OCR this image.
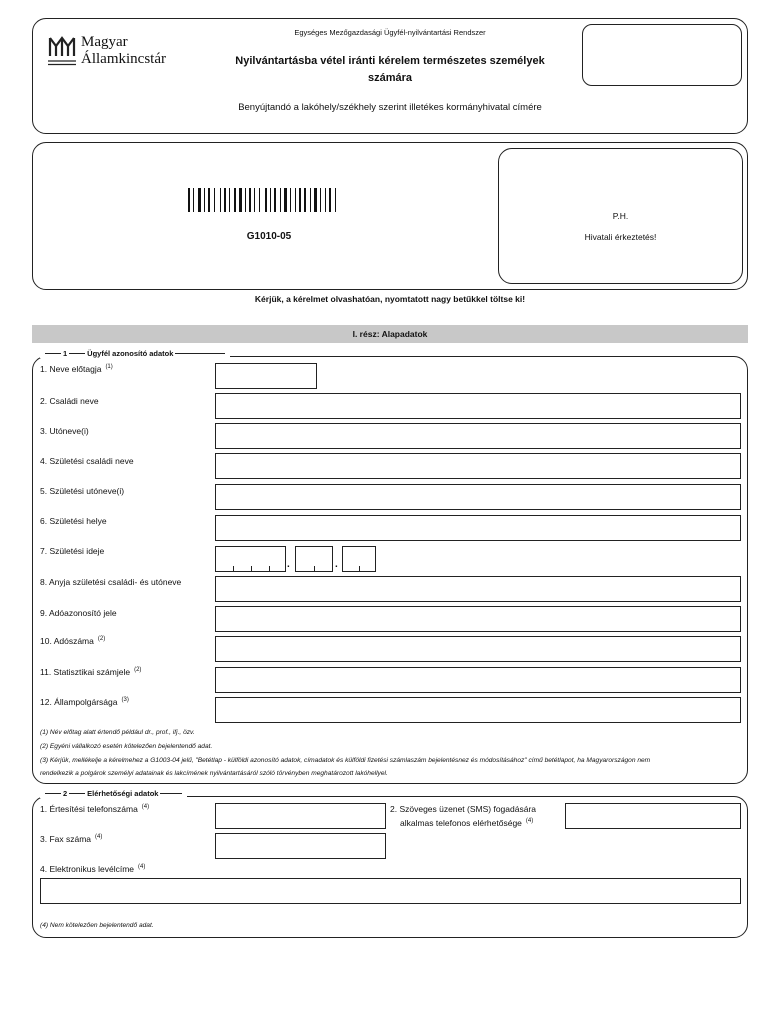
Magyar
Államkincstár
Egységes Mezőgazdasági Ügyfél-nyilvántartási Rendszer
Nyilvántartásba vétel iránti kérelem természetes személyek
számára
Benyújtandó a lakóhely/székhely szerint illetékes kormányhivatal címére
G1010-05
P.H.
Hivatali érkeztetés!
Kérjük, a kérelmet olvashatóan, nyomtatott nagy betűkkel töltse ki!
I. rész: Alapadatok
1	Ügyfél azonosító adatok
1. Neve előtagja $^{(1)}$
2. Családi neve
3. Utóneve(i)
4. Születési családi neve
5. Születési utóneve(i)
6. Születési helye
7. Születési ideje
8. Anyja születési családi- és utóneve
9. Adóazonosító jele
10. Adószáma $^{(2)}$
11. Statisztikai számjele $^{(2)}$
12. Állampolgársága $^{(3)}$
.	.
(1) Név előtag alatt értendő például dr., prof., ifj., özv.
(2) Egyéni vállalkozó esetén kötelezően bejelentendő adat.
(3) Kérjük, mellékelje a kérelmehez a G1003-04 jelű, "Betétlap - külföldi azonosító adatok, címadatok és külföldi fizetési számlaszám bejelentésnez és módosításához" című betétlapot, ha Magyarországon nem
rendelkezik a polgárok személyi adatainak és lakcímének nyilvántartásáról szóló törvényben meghatározott lakóhellyel.
2	Elérhetőségi adatok
1. Értesítési telefonszáma $^{(4)}$	2. Szöveges üzenet (SMS) fogadására
alkalmas telefonos elérhetősége $^{(4)}$
3. Fax száma $^{(4)}$
4. Elektronikus levélcíme $^{(4)}$
(4) Nem kötelezően bejelentendő adat.
